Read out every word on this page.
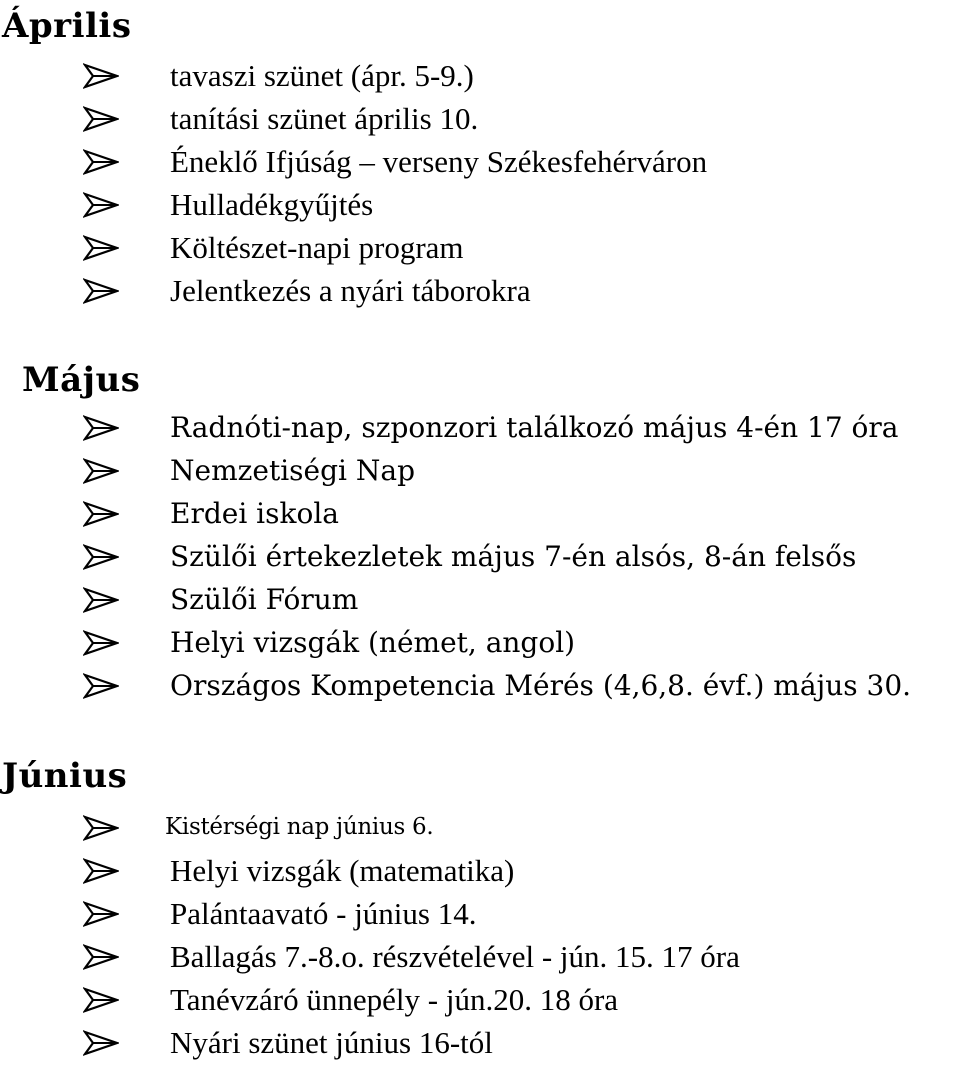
Április
tavaszi szünet (ápr. 5-9.)
tanítási szünet április 10.
Éneklő Ifjúság – verseny Székesfehérváron
Hulladékgyűjtés
Költészet-napi program
Jelentkezés a nyári táborokra
Május
Radnóti-nap, szponzori találkozó május 4-én 17 óra
Nemzetiségi Nap
Erdei iskola
Szülői értekezletek május 7-én alsós, 8-án felsős
Szülői Fórum
Helyi vizsgák (német, angol)
Országos Kompetencia Mérés (4,6,8. évf.) május 30.
Június
Kistérségi nap június 6.
Helyi vizsgák (matematika)
Palántaavató - június 14.
Ballagás 7.-8.o. részvételével - jún. 15. 17 óra
Tanévzáró ünnepély - jún.20. 18 óra
Nyári szünet június 16-tól
